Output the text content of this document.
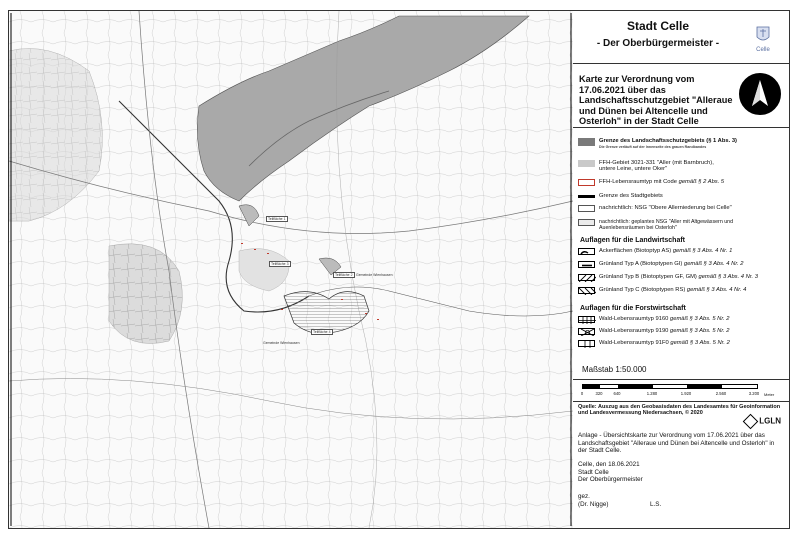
Teilfläche 1
Teilfläche 3
Teilfläche 2
Teilfläche 4
Gemeinde Wienhausen
Gemeinde Wienhausen
Stadt Celle
- Der Oberbürgermeister -
Celle
Karte zur Verordnung vom 17.06.2021 über das Landschaftsschutzgebiet "Alleraue und Dünen bei Altencelle und Osterloh" in der Stadt Celle
Grenze des Landschaftsschutzgebiets (§ 1 Abs. 3)
Die Grenze verläuft auf der Innenseite des grauen Randbandes
FFH-Gebiet 3021-331 "Aller (mit Barnbruch), untere Leine, untere Oker"
FFH-Lebensraumtyp mit Code gemäß § 2 Abs. 5
Grenze des Stadtgebiets
nachrichtlich: NSG "Obere Allerniederung bei Celle"
nachrichtlich: geplantes NSG "Aller mit Altgewässern und Auenlebensräumen bei Osterloh"
Auflagen für die Landwirtschaft
Ackerflächen (Biotoptyp AS) gemäß § 3 Abs. 4 Nr. 1
Grünland Typ A (Biotoptypen GI) gemäß § 3 Abs. 4 Nr. 2
Grünland Typ B (Biotoptypen GF, GM) gemäß § 3 Abs. 4 Nr. 3
Grünland Typ C (Biotoptypen RS) gemäß § 3 Abs. 4 Nr. 4
Auflagen für die Forstwirtschaft
Wald-Lebensraumtyp 9160 gemäß § 3 Abs. 5 Nr. 2
Wald-Lebensraumtyp 9190 gemäß § 3 Abs. 5 Nr. 2
Wald-Lebensraumtyp 91F0 gemäß § 3 Abs. 5 Nr. 2
Maßstab 1:50.000
0	320	640	1.280	1.920	2.560	3.200 Meter
Quelle: Auszug aus den Geobasisdaten des Landesamtes für Geoinformation und Landesvermessung Niedersachsen, © 2020
LGLN
Anlage - Übersichtskarte zur Verordnung vom 17.06.2021 über das Landschaftsgebiet "Alleraue und Dünen bei Altencelle und Osterloh" in der Stadt Celle.
Celle, den 18.06.2021
Stadt Celle
Der Oberbürgermeister
gez.
(Dr. Nigge)	L.S.
